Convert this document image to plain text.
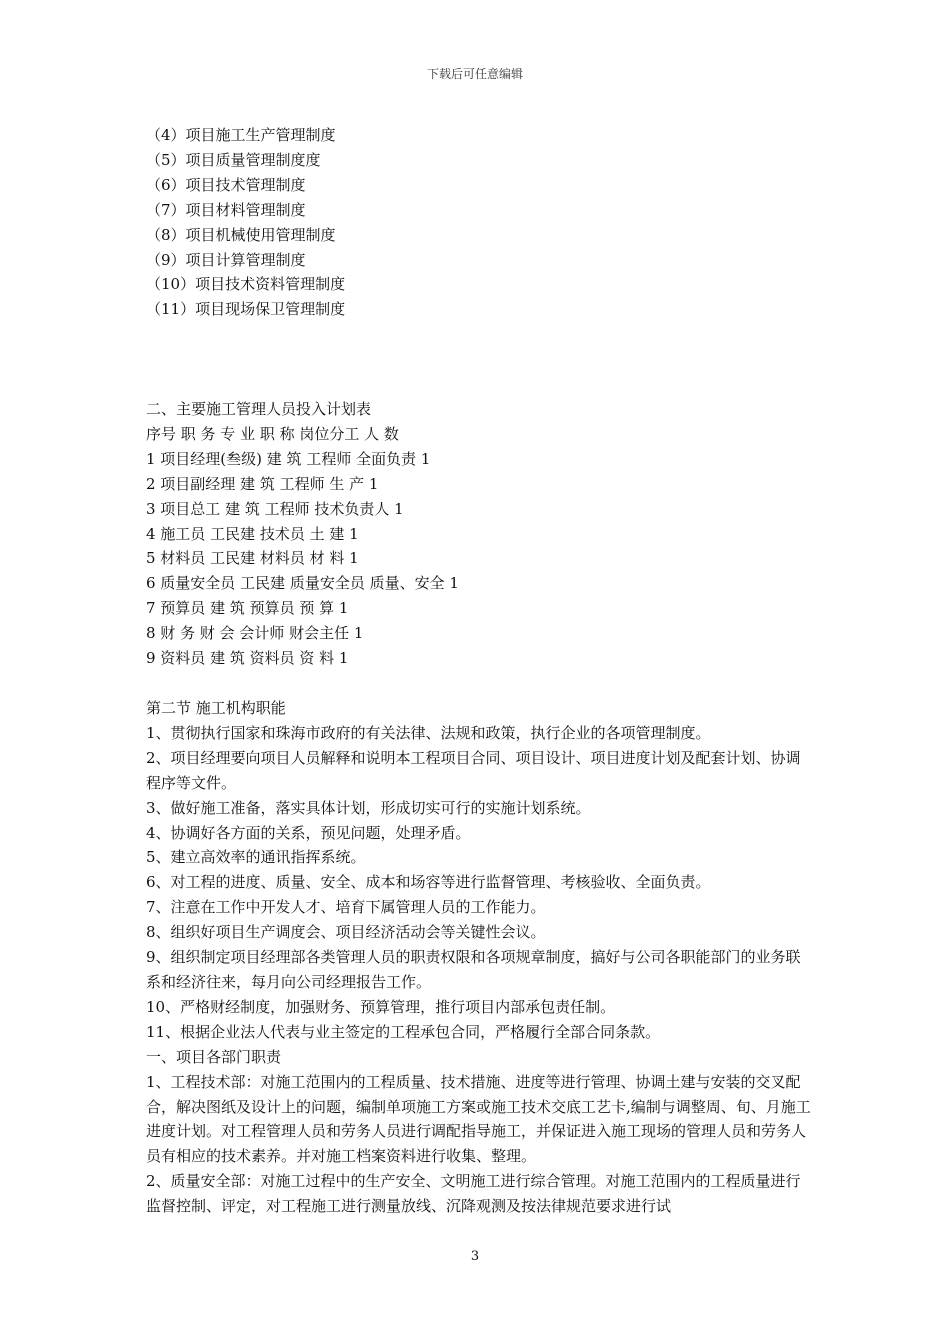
下载后可任意编辑

（4）项目施工生产管理制度

（5）项目质量管理制度度

（6）项目技术管理制度

（7）项目材料管理制度

（8）项目机械使用管理制度

（9）项目计算管理制度

（10）项目技术资料管理制度

（11）项目现场保卫管理制度

二、主要施工管理人员投入计划表

序号 职 务 专 业 职 称 岗位分工 人 数

1 项目经理(叁级) 建 筑 工程师 全面负责 1

2 项目副经理 建 筑 工程师 生 产 1

3 项目总工 建 筑 工程师 技术负责人 1

4 施工员 工民建 技术员 土 建 1

5 材料员 工民建 材料员 材 料 1

6 质量安全员 工民建 质量安全员 质量、安全 1

7 预算员 建 筑 预算员 预 算 1

8 财 务 财 会 会计师 财会主任 1

9 资料员 建 筑 资料员 资 料 1

第二节 施工机构职能

1、贯彻执行国家和珠海市政府的有关法律、法规和政策，执行企业的各项管理制度。

2、项目经理要向项目人员解释和说明本工程项目合同、项目设计、项目进度计划及配套计划、协调程序等文件。

3、做好施工准备，落实具体计划，形成切实可行的实施计划系统。

4、协调好各方面的关系，预见问题，处理矛盾。

5、建立高效率的通讯指挥系统。

6、对工程的进度、质量、安全、成本和场容等进行监督管理、考核验收、全面负责。

7、注意在工作中开发人才、培育下属管理人员的工作能力。

8、组织好项目生产调度会、项目经济活动会等关键性会议。

9、组织制定项目经理部各类管理人员的职责权限和各项规章制度，搞好与公司各职能部门的业务联系和经济往来，每月向公司经理报告工作。

10、严格财经制度，加强财务、预算管理，推行项目内部承包责任制。

11、根据企业法人代表与业主签定的工程承包合同，严格履行全部合同条款。

一、项目各部门职责

1、工程技术部：对施工范围内的工程质量、技术措施、进度等进行管理、协调土建与安装的交叉配合，解决图纸及设计上的问题，编制单项施工方案或施工技术交底工艺卡,编制与调整周、旬、月施工进度计划。对工程管理人员和劳务人员进行调配指导施工，并保证进入施工现场的管理人员和劳务人员有相应的技术素养。并对施工档案资料进行收集、整理。

2、质量安全部：对施工过程中的生产安全、文明施工进行综合管理。对施工范围内的工程质量进行监督控制、评定，对工程施工进行测量放线、沉降观测及按法律规范要求进行试

3
